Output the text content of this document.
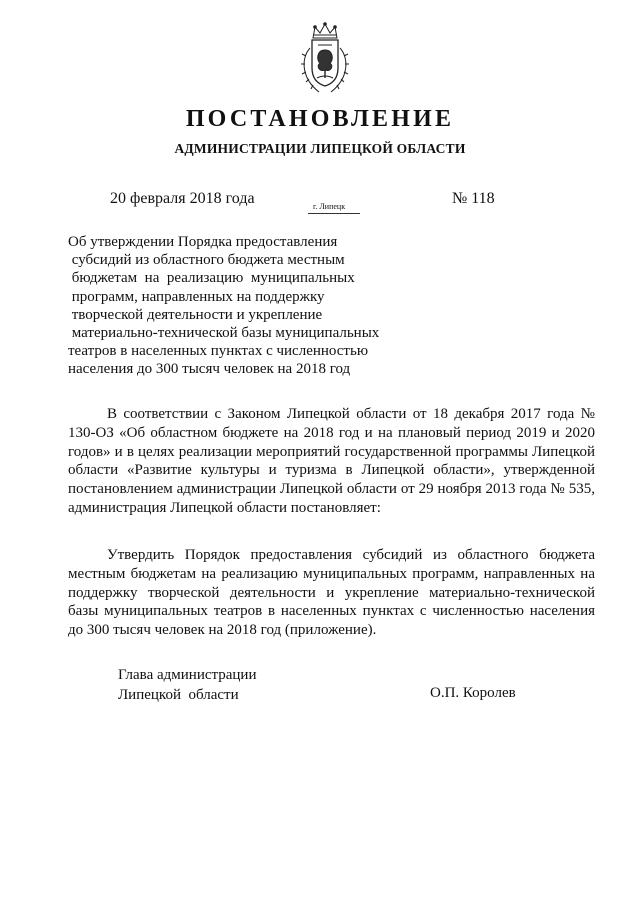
ПОСТАНОВЛЕНИЕ
АДМИНИСТРАЦИИ ЛИПЕЦКОЙ ОБЛАСТИ
20 февраля 2018 года	г. Липецк	№ 118
Об утверждении Порядка предоставления
субсидий из областного бюджета местным
бюджетам  на  реализацию  муниципальных
программ, направленных на поддержку
творческой деятельности и укрепление
материально-технической базы муниципальных
театров в населенных пунктах с численностью
населения до 300 тысяч человек на 2018 год
В соответствии с Законом Липецкой области от 18 декабря 2017 года № 130-ОЗ «Об областном бюджете на 2018 год и на плановый период 2019 и 2020 годов» и в целях реализации мероприятий государственной программы Липецкой области «Развитие культуры и туризма в Липецкой области», утвержденной постановлением администрации Липецкой области от 29 ноября 2013 года № 535, администрация Липецкой области постановляет:
Утвердить Порядок предоставления субсидий из областного бюджета местным бюджетам на реализацию муниципальных программ, направленных на поддержку творческой деятельности и укрепление материально-технической базы муниципальных театров в населенных пунктах с численностью населения до 300 тысяч человек на 2018 год (приложение).
Глава администрации
Липецкой  области	О.П. Королев
